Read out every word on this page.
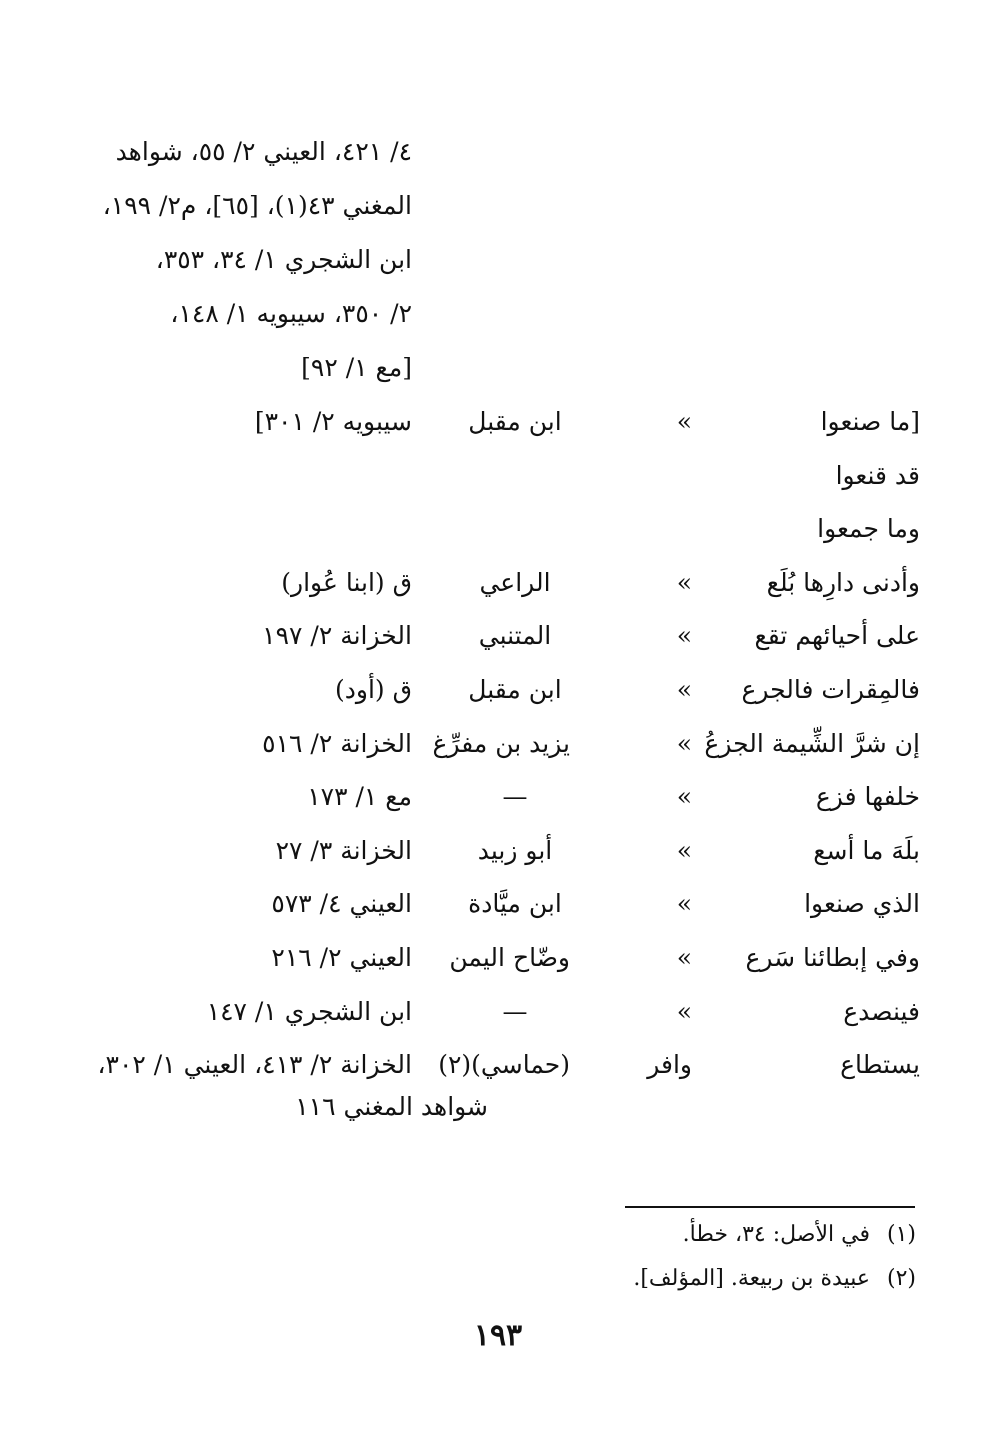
٤/ ٤٢١، العيني ٢/ ٥٥، شواهد
المغني ٤٣(١)، [٦٥]، م٢/ ١٩٩،
ابن الشجري ١/ ٣٤، ٣٥٣،
٢/ ٣٥٠، سيبويه ١/ ١٤٨،
[مع ١/ ٩٢]
[ما صنعوا
»
ابن مقبل
سيبويه ٢/ ٣٠١]
قد قنعوا
وما جمعوا
وأدنى دارِها بُلَع
»
الراعي
ق (ابنا عُوار)
على أحيائهم تقع
»
المتنبي
الخزانة ٢/ ١٩٧
فالمِقرات فالجرع
»
ابن مقبل
ق (أود)
إن شرَّ الشِّيمة الجزعُ
»
يزيد بن مفرِّغ
الخزانة ٢/ ٥١٦
خلفها فزع
»
—
مع ١/ ١٧٣
بلَهَ ما أسع
»
أبو زبيد
الخزانة ٣/ ٢٧
الذي صنعوا
»
ابن ميَّادة
العيني ٤/ ٥٧٣
وفي إبطائنا سَرع
»
وضّاح اليمن
العيني ٢/ ٢١٦
فينصدع
»
—
ابن الشجري ١/ ١٤٧
يستطاع
وافر
(حماسي)(٢)
الخزانة ٢/ ٤١٣، العيني ١/ ٣٠٢،
شواهد المغني ١١٦
(١) في الأصل: ٣٤، خطأ.
(٢) عبيدة بن ربيعة. [المؤلف].
١٩٣
